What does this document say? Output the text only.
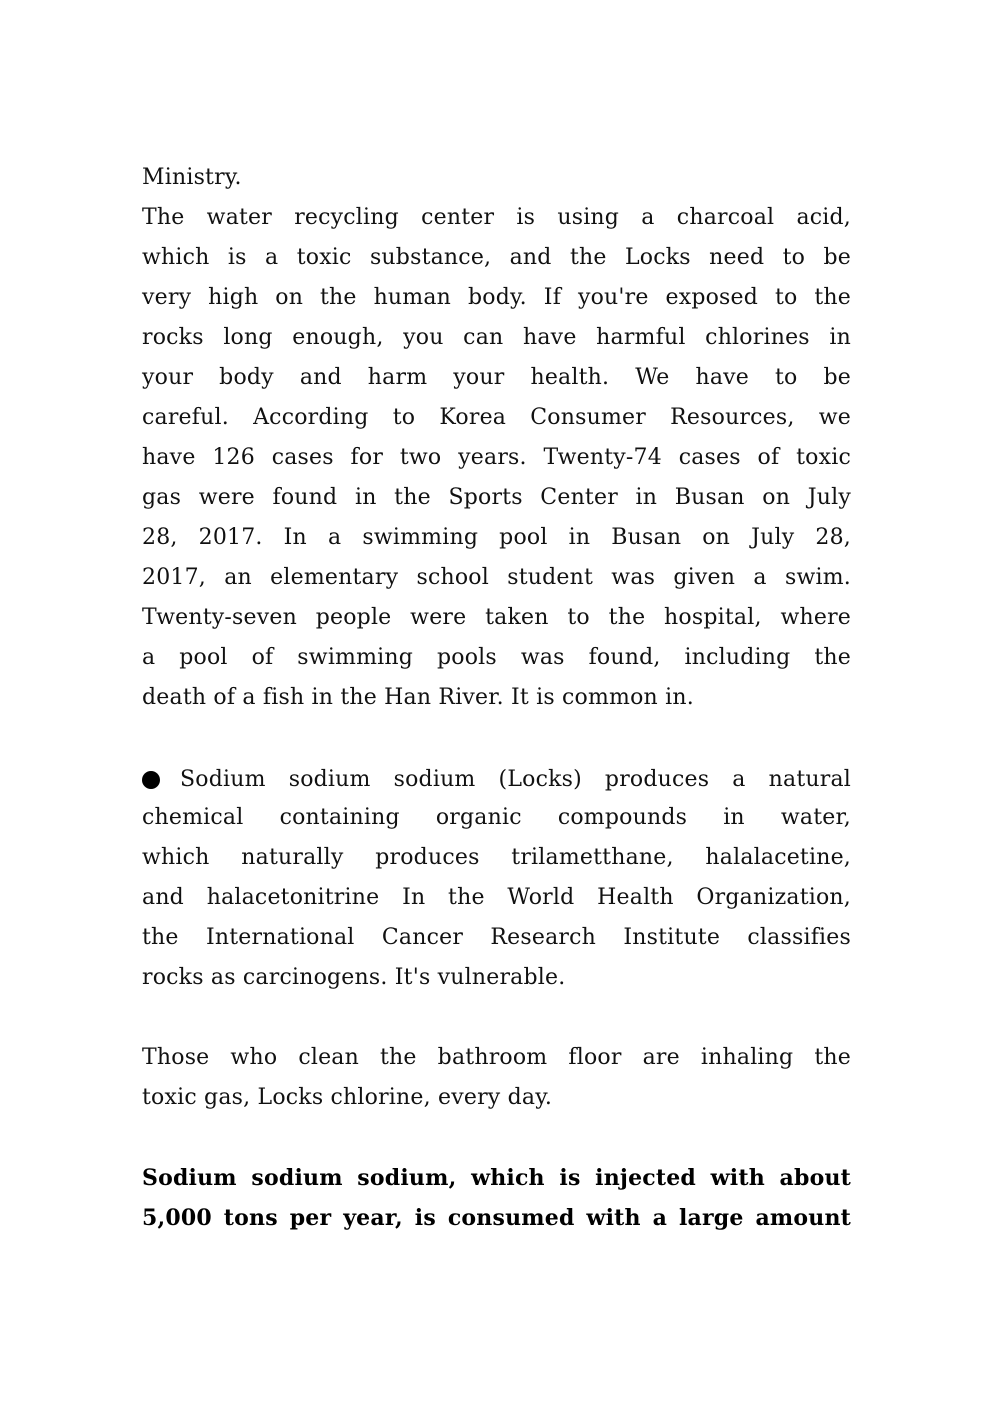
Ministry.
The water recycling center is using a charcoal acid,
which is a toxic substance, and the Locks need to be
very high on the human body. If you're exposed to the
rocks long enough, you can have harmful chlorines in
your body and harm your health. We have to be
careful. According to Korea Consumer Resources, we
have 126 cases for two years. Twenty-74 cases of toxic
gas were found in the Sports Center in Busan on July
28, 2017. In a swimming pool in Busan on July 28,
2017, an elementary school student was given a swim.
Twenty-seven people were taken to the hospital, where
a pool of swimming pools was found, including the
death of a fish in the Han River. It is common in.
Sodium sodium sodium (Locks) produces a natural
chemical containing organic compounds in water,
which naturally produces trilametthane, halalacetine,
and halacetonitrine In the World Health Organization,
the International Cancer Research Institute classifies
rocks as carcinogens. It's vulnerable.
Those who clean the bathroom floor are inhaling the
toxic gas, Locks chlorine, every day.
Sodium sodium sodium, which is injected with about
5,000 tons per year, is consumed with a large amount
